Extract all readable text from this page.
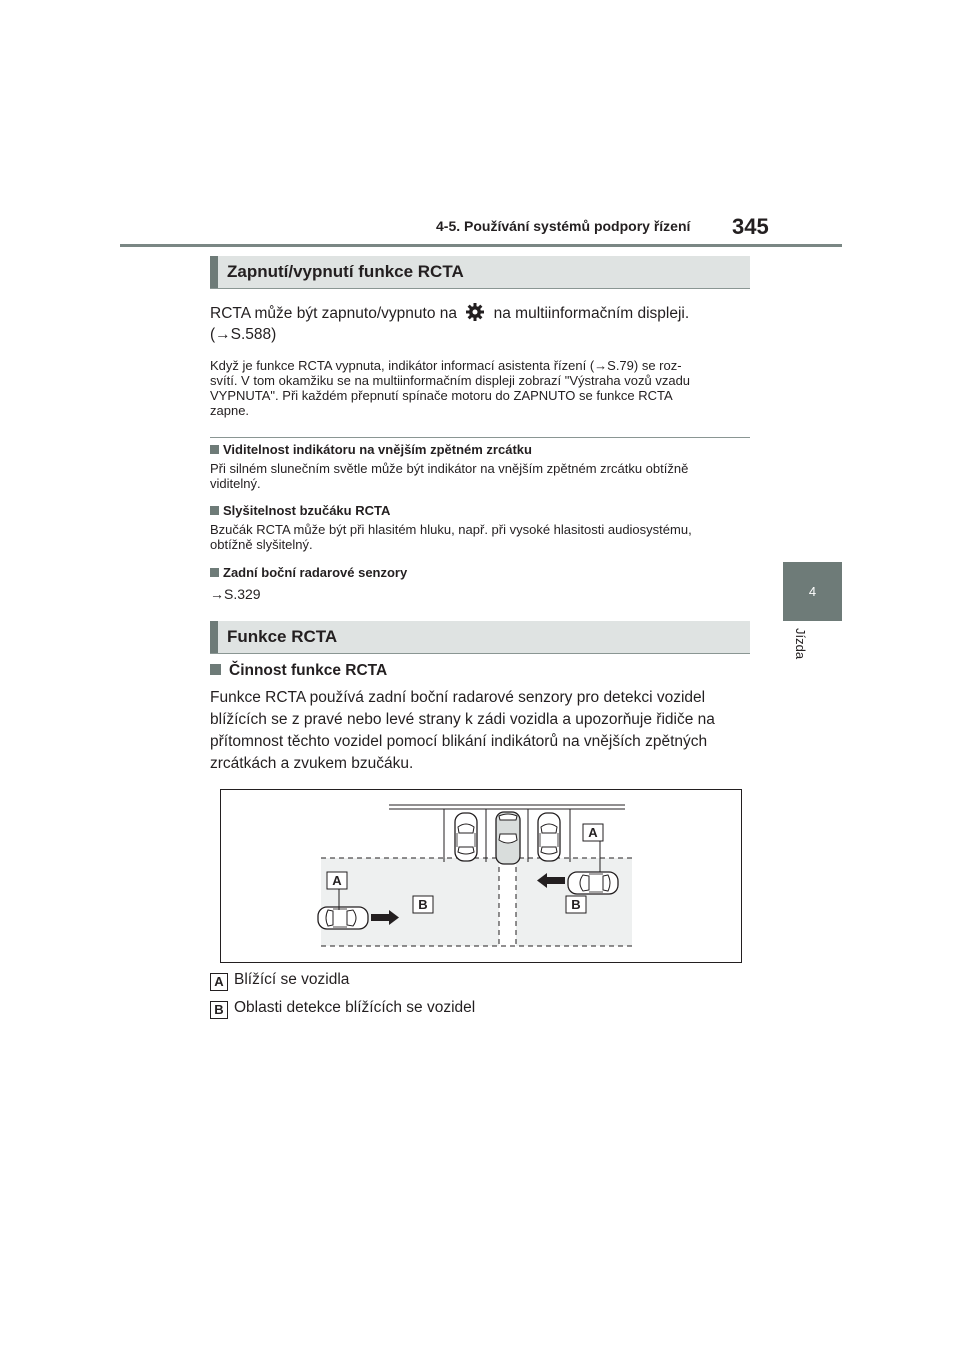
4-5. Používání systémů podpory řízení 345
4
Jízda
Zapnutí/vypnutí funkce RCTA
RCTA může být zapnuto/vypnuto na na multiinformačním displeji.
(→S.588)
Když je funkce RCTA vypnuta, indikátor informací asistenta řízení (→S.79) se roz-
svítí. V tom okamžiku se na multiinformačním displeji zobrazí "Výstraha vozů vzadu
VYPNUTA". Při každém přepnutí spínače motoru do ZAPNUTO se funkce RCTA
zapne.
Viditelnost indikátoru na vnějším zpětném zrcátku
Při silném slunečním světle může být indikátor na vnějším zpětném zrcátku obtížně
viditelný.
Slyšitelnost bzučáku RCTA
Bzučák RCTA může být při hlasitém hluku, např. při vysoké hlasitosti audiosystému,
obtížně slyšitelný.
Zadní boční radarové senzory
→S.329
Funkce RCTA
Činnost funkce RCTA
Funkce RCTA používá zadní boční radarové senzory pro detekci vozidel
blížících se z pravé nebo levé strany k zádi vozidla a upozorňuje řidiče na
přítomnost těchto vozidel pomocí blikání indikátorů na vnějších zpětných
zrcátkách a zvukem bzučáku.
A
A
B	B
A Blížící se vozidla
B Oblasti detekce blížících se vozidel
